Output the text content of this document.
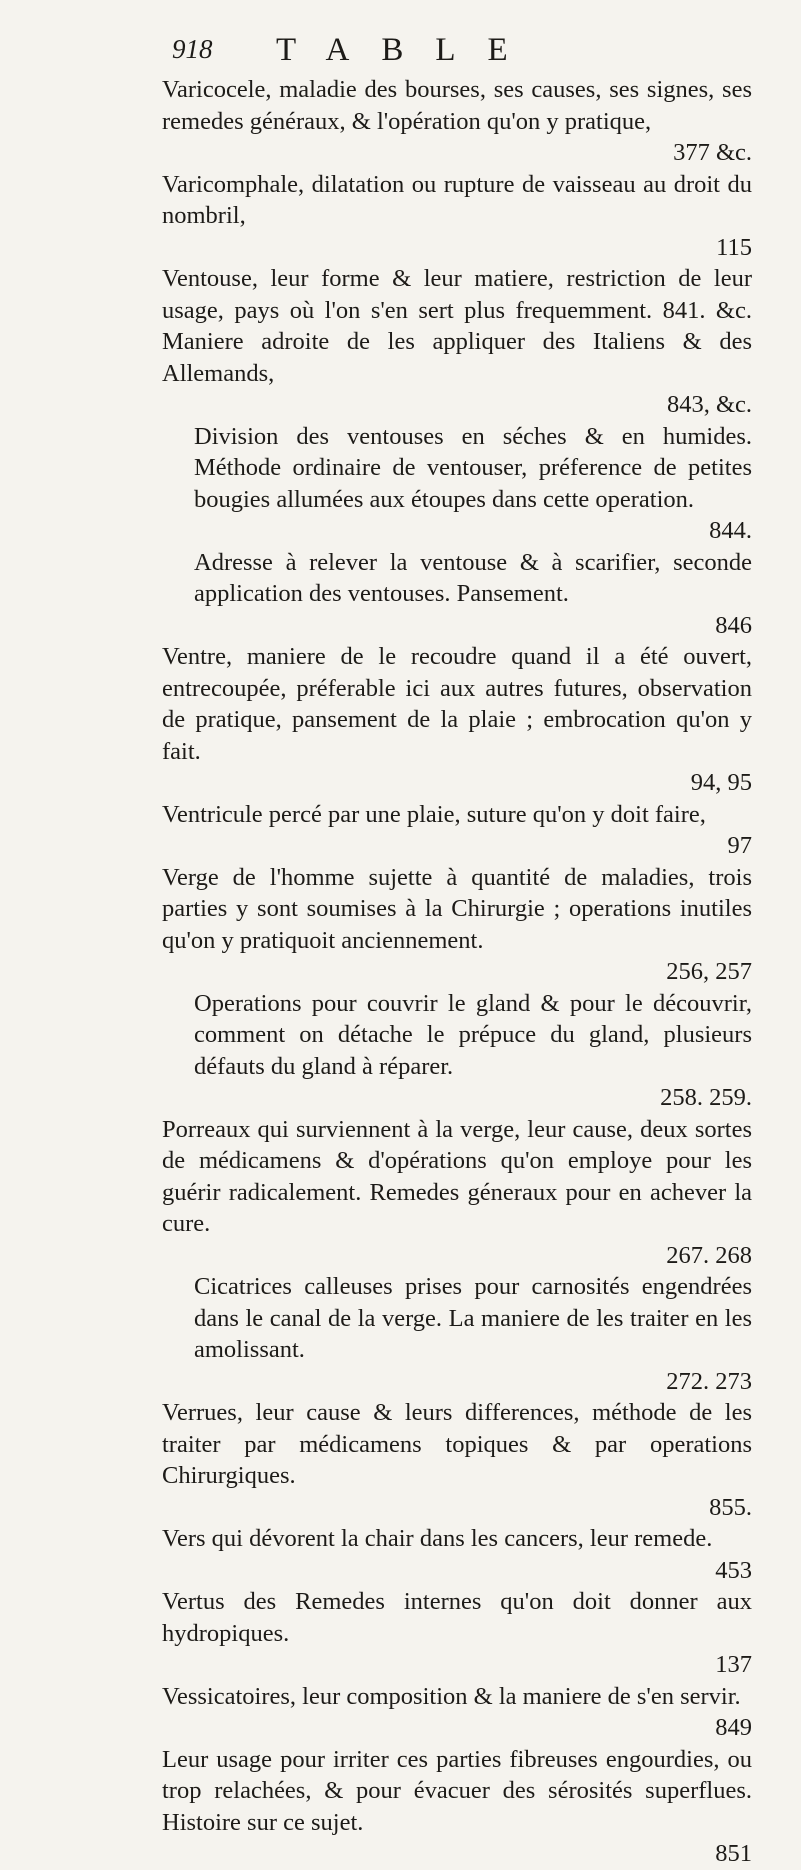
918 TABLE

Varicocele, maladie des bourses, ses causes, ses signes, ses remedes généraux, & l'opération qu'on y pratique,
377 &c.

Varicomphale, dilatation ou rupture de vaisseau au droit du nombril,
115

Ventouse, leur forme & leur matiere, restriction de leur usage, pays où l'on s'en sert plus frequemment. 841. &c. Maniere adroite de les appliquer des Italiens & des Allemands,
843, &c.

Division des ventouses en séches & en humides. Méthode ordinaire de ventouser, préference de petites bougies allumées aux étoupes dans cette operation.
844.

Adresse à relever la ventouse & à scarifier, seconde application des ventouses. Pansement.
846

Ventre, maniere de le recoudre quand il a été ouvert, entrecoupée, préferable ici aux autres futures, observation de pratique, pansement de la plaie ; embrocation qu'on y fait.
94, 95

Ventricule percé par une plaie, suture qu'on y doit faire,
97

Verge de l'homme sujette à quantité de maladies, trois parties y sont soumises à la Chirurgie ; operations inutiles qu'on y pratiquoit anciennement.
256, 257

Operations pour couvrir le gland & pour le découvrir, comment on détache le prépuce du gland, plusieurs défauts du gland à réparer.
258. 259.

Porreaux qui surviennent à la verge, leur cause, deux sortes de médicamens & d'opérations qu'on employe pour les guérir radicalement. Remedes géneraux pour en achever la cure.
267. 268

Cicatrices calleuses prises pour carnosités engendrées dans le canal de la verge. La maniere de les traiter en les amolissant.
272. 273

Verrues, leur cause & leurs differences, méthode de les traiter par médicamens topiques & par operations Chirurgiques.
855.

Vers qui dévorent la chair dans les cancers, leur remede.
453

Vertus des Remedes internes qu'on doit donner aux hydropiques.
137

Vessicatoires, leur composition & la maniere de s'en servir.
849

Leur usage pour irriter ces parties fibreuses engourdies, ou trop relachées, & pour évacuer des sérosités superflues. Histoire sur ce sujet.
851
